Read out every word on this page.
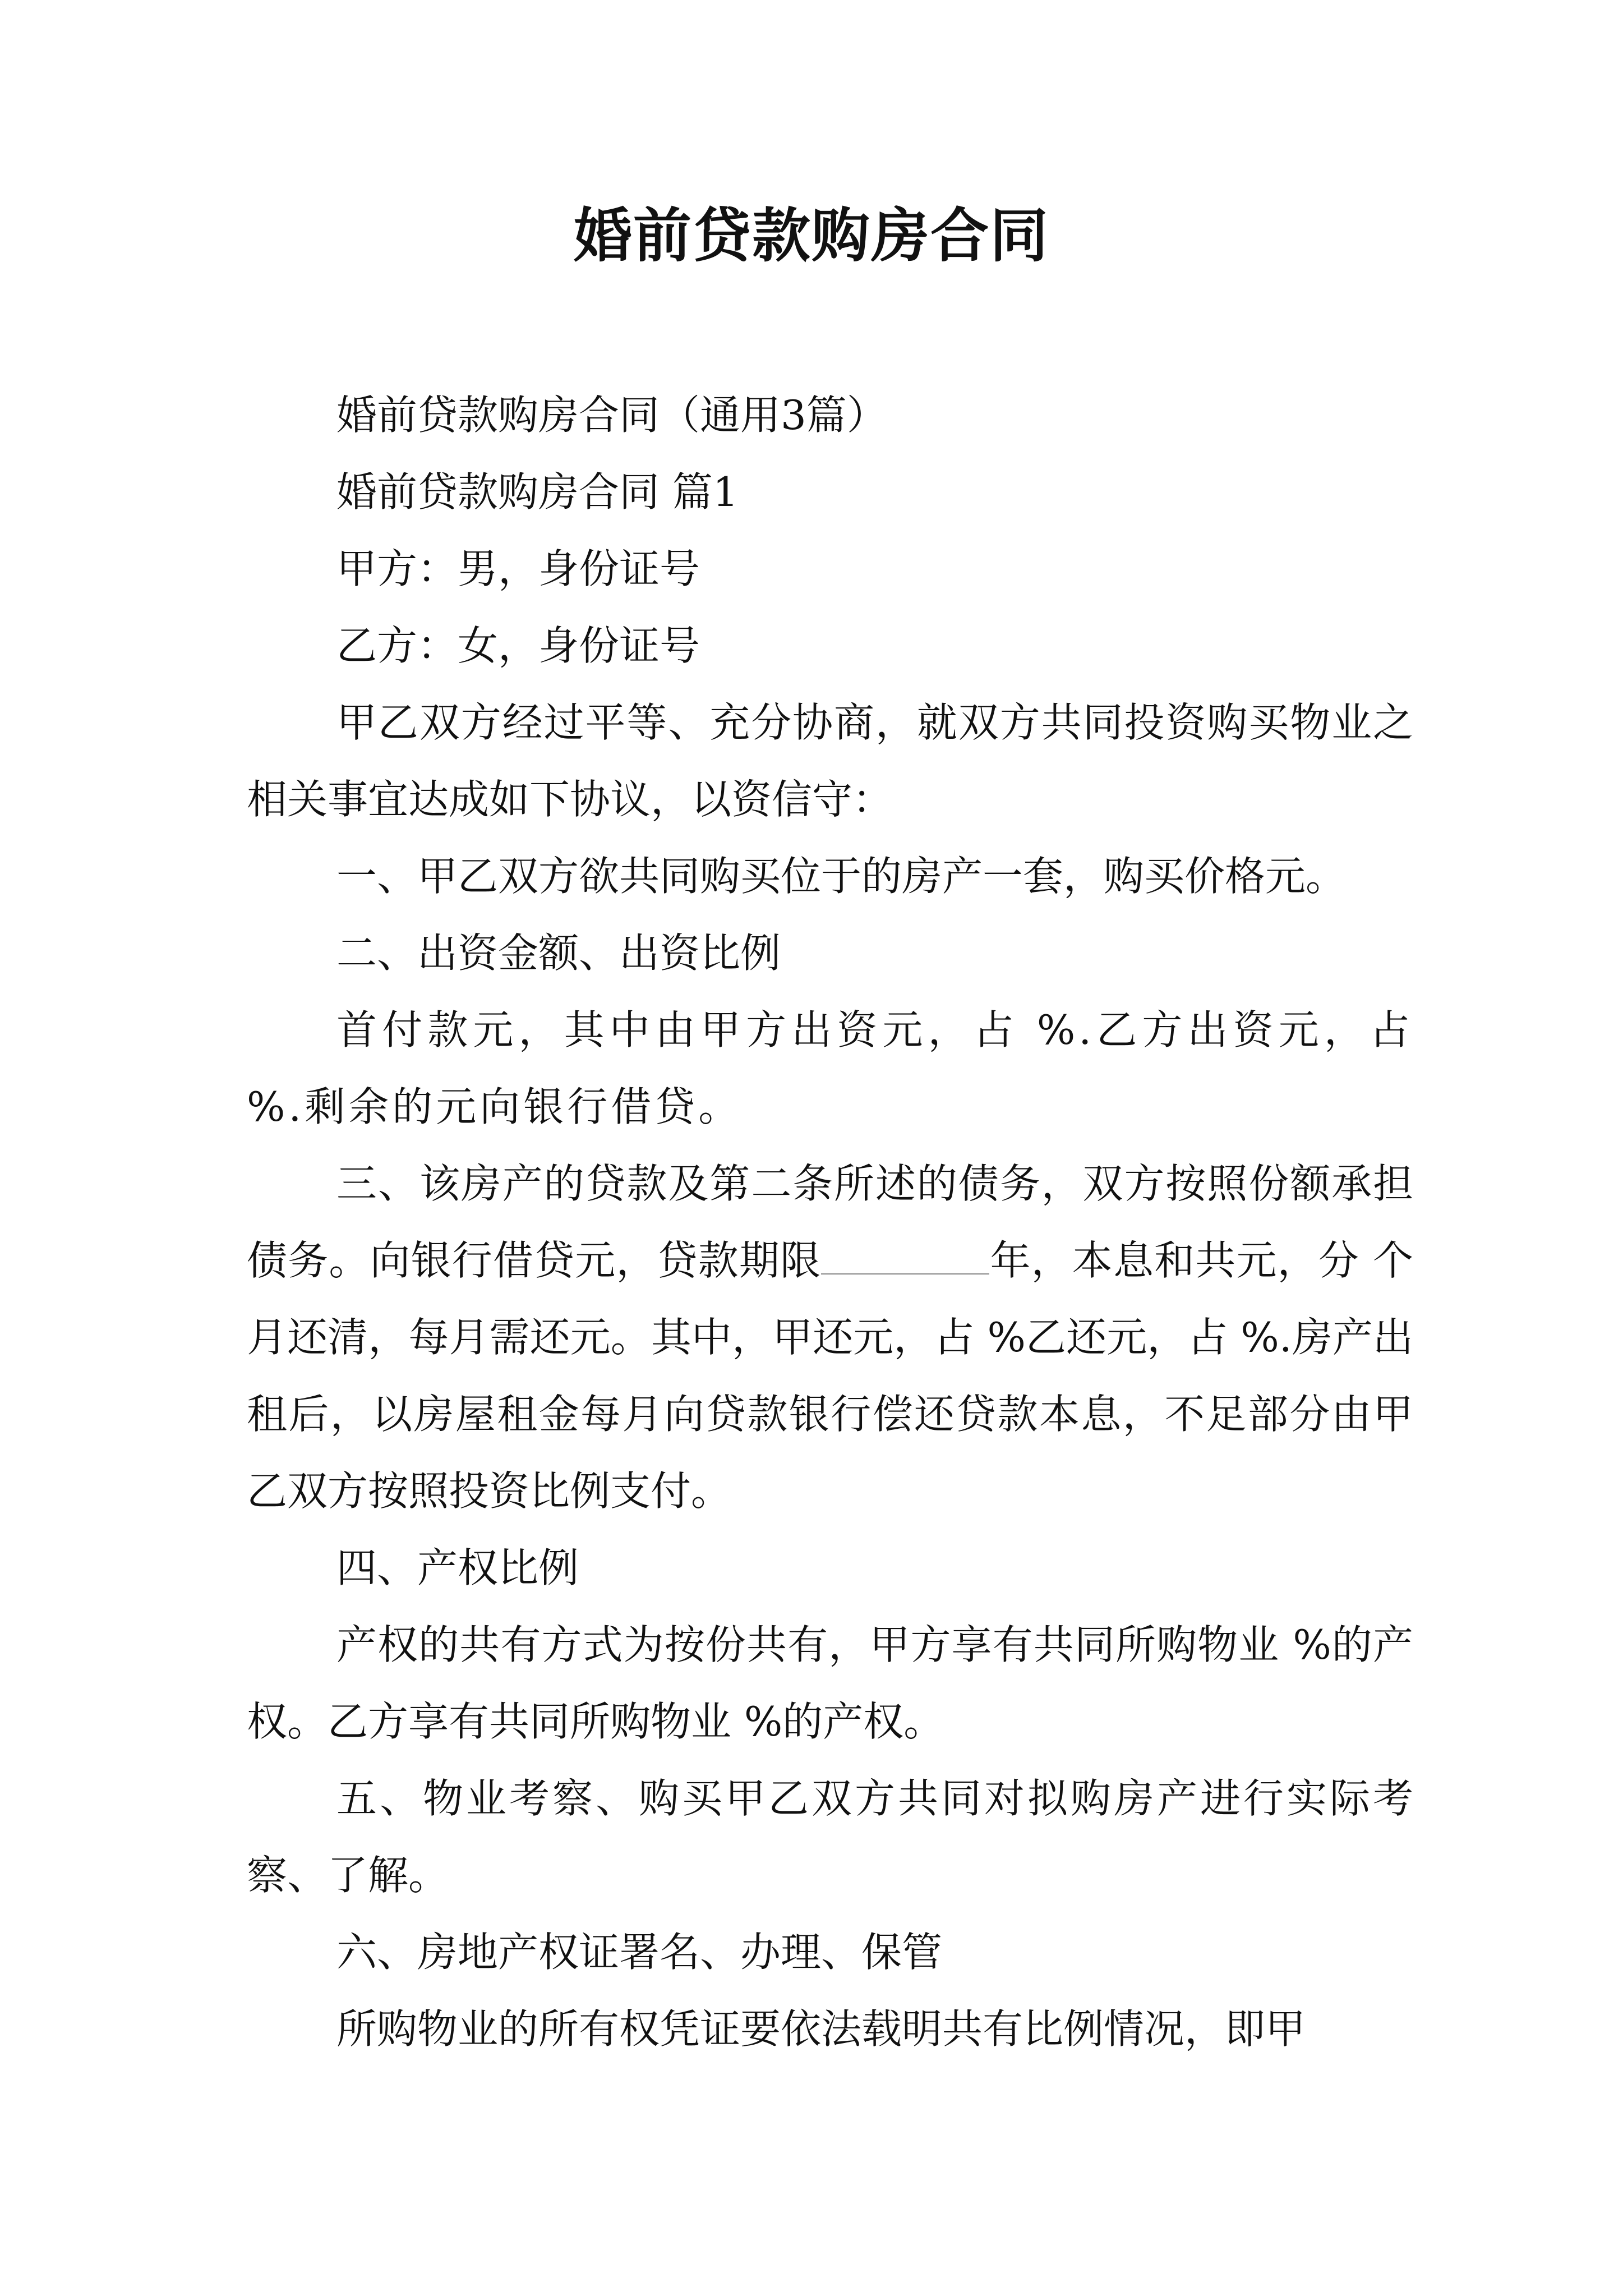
婚前贷款购房合同

婚前贷款购房合同（通用3篇）

婚前贷款购房合同 篇1

甲方：男，身份证号

乙方：女，身份证号

甲乙双方经过平等、充分协商，就双方共同投资购买物业之相关事宜达成如下协议，以资信守：

一、甲乙双方欲共同购买位于的房产一套，购买价格元。

二、出资金额、出资比例

首付款元，其中由甲方出资元，占 %.乙方出资元，占 %.剩余的元向银行借贷。

三、该房产的贷款及第二条所述的债务，双方按照份额承担债务。向银行借贷元，贷款期限	年，本息和共元，分 个月还清，每月需还元。其中，甲还元，占 %乙还元，占 %.房产出租后，以房屋租金每月向贷款银行偿还贷款本息，不足部分由甲乙双方按照投资比例支付。

四、产权比例

产权的共有方式为按份共有，甲方享有共同所购物业 %的产权。乙方享有共同所购物业 %的产权。

五、物业考察、购买甲乙双方共同对拟购房产进行实际考察、了解。

六、房地产权证署名、办理、保管

所购物业的所有权凭证要依法载明共有比例情况，即甲
